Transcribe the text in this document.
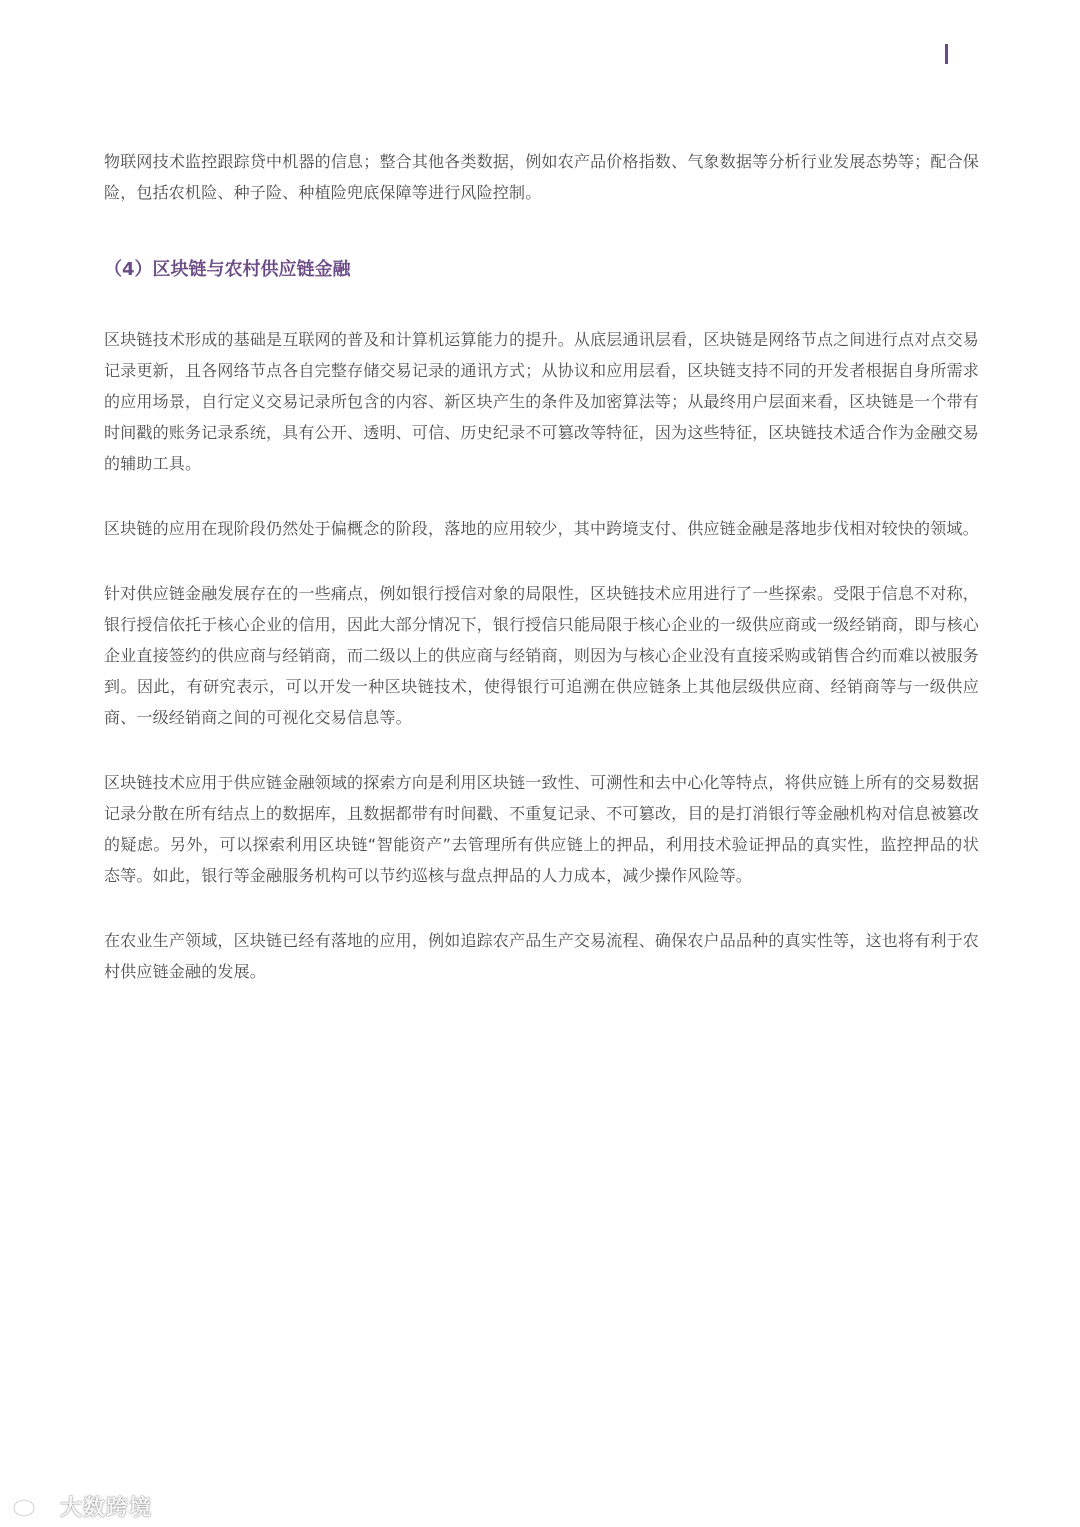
物联网技术监控跟踪贷中机器的信息；整合其他各类数据，例如农产品价格指数、气象数据等分析行业发展态势等；配合保险，包括农机险、种子险、种植险兜底保障等进行风险控制。

（4）区块链与农村供应链金融

区块链技术形成的基础是互联网的普及和计算机运算能力的提升。从底层通讯层看，区块链是网络节点之间进行点对点交易记录更新，且各网络节点各自完整存储交易记录的通讯方式；从协议和应用层看，区块链支持不同的开发者根据自身所需求的应用场景，自行定义交易记录所包含的内容、新区块产生的条件及加密算法等；从最终用户层面来看，区块链是一个带有时间戳的账务记录系统，具有公开、透明、可信、历史纪录不可篡改等特征，因为这些特征，区块链技术适合作为金融交易的辅助工具。

区块链的应用在现阶段仍然处于偏概念的阶段，落地的应用较少，其中跨境支付、供应链金融是落地步伐相对较快的领域。

针对供应链金融发展存在的一些痛点，例如银行授信对象的局限性，区块链技术应用进行了一些探索。受限于信息不对称，银行授信依托于核心企业的信用，因此大部分情况下，银行授信只能局限于核心企业的一级供应商或一级经销商，即与核心企业直接签约的供应商与经销商，而二级以上的供应商与经销商，则因为与核心企业没有直接采购或销售合约而难以被服务到。因此，有研究表示，可以开发一种区块链技术，使得银行可追溯在供应链条上其他层级供应商、经销商等与一级供应商、一级经销商之间的可视化交易信息等。

区块链技术应用于供应链金融领域的探索方向是利用区块链一致性、可溯性和去中心化等特点，将供应链上所有的交易数据记录分散在所有结点上的数据库，且数据都带有时间戳、不重复记录、不可篡改，目的是打消银行等金融机构对信息被篡改的疑虑。另外，可以探索利用区块链“智能资产”去管理所有供应链上的押品，利用技术验证押品的真实性，监控押品的状态等。如此，银行等金融服务机构可以节约巡核与盘点押品的人力成本，减少操作风险等。

在农业生产领域，区块链已经有落地的应用，例如追踪农产品生产交易流程、确保农户品品种的真实性等，这也将有利于农村供应链金融的发展。

大数跨境
